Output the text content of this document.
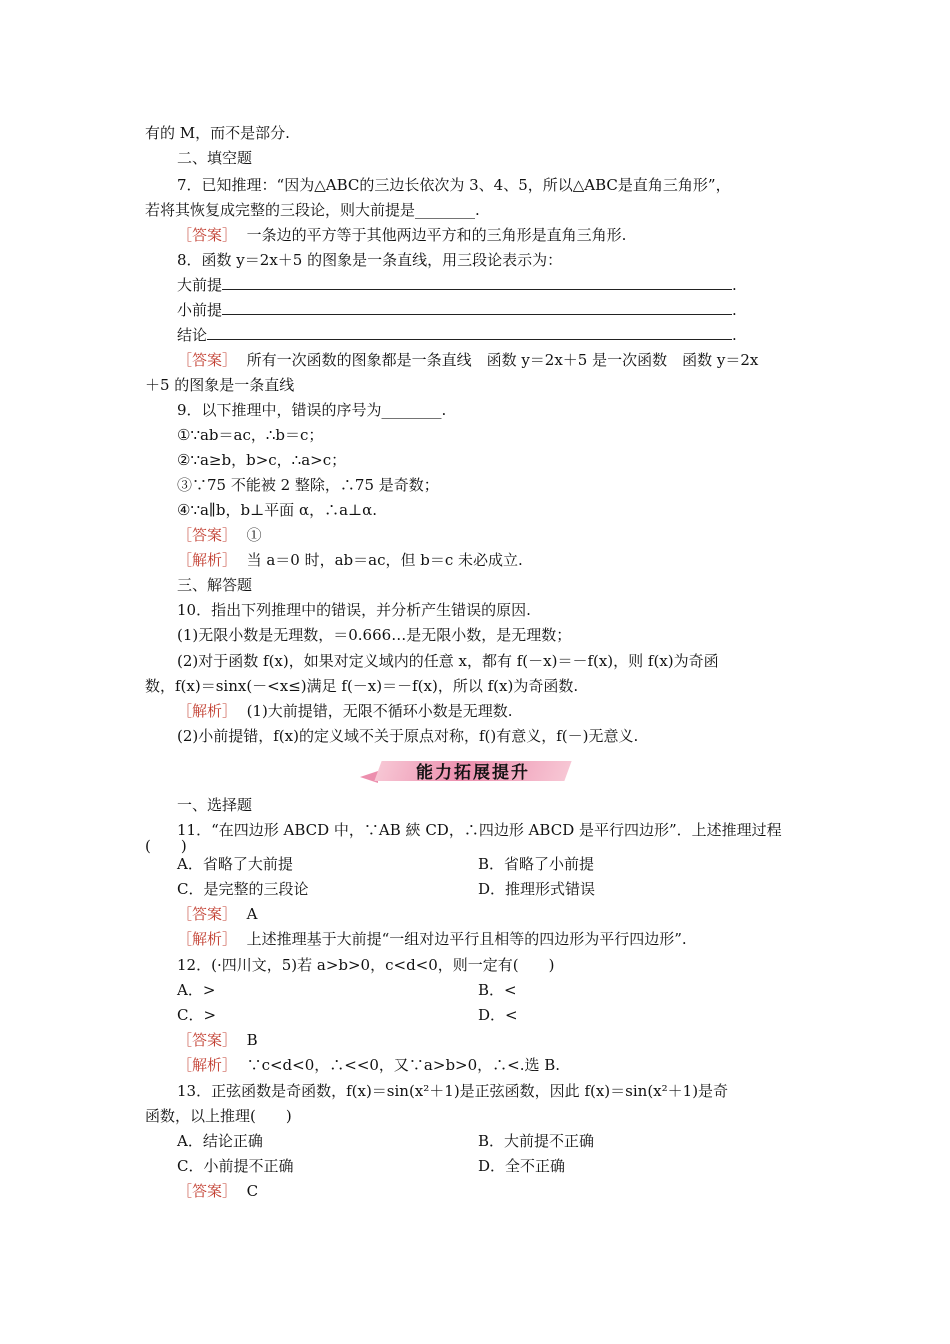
有的 M，而不是部分.
二、填空题
7．已知推理：“因为△ABC的三边长依次为 3、4、5，所以△ABC是直角三角形”，
若将其恢复成完整的三段论，则大前提是________.
［答案］ 一条边的平方等于其他两边平方和的三角形是直角三角形.
8．函数 y＝2x＋5 的图象是一条直线，用三段论表示为：
大前提	.
小前提	.
结论	.
［答案］ 所有一次函数的图象都是一条直线　函数 y＝2x＋5 是一次函数　函数 y＝2x
＋5 的图象是一条直线
9．以下推理中，错误的序号为________.
①∵ab＝ac，∴b＝c；
②∵a≥b，b>c，∴a>c；
③∵75 不能被 2 整除，∴75 是奇数；
④∵a∥b，b⊥平面 α，∴a⊥α.
［答案］ ①
［解析］ 当 a＝0 时，ab＝ac，但 b＝c 未必成立.
三、解答题
10．指出下列推理中的错误，并分析产生错误的原因.
(1)无限小数是无理数，＝0.666…是无限小数，是无理数；
(2)对于函数 f(x)，如果对定义域内的任意 x，都有 f(－x)＝－f(x)，则 f(x)为奇函
数，f(x)＝sinx(－<x≤)满足 f(－x)＝－f(x)，所以 f(x)为奇函数.
［解析］ (1)大前提错，无限不循环小数是无理数.
(2)小前提错，f(x)的定义域不关于原点对称，f()有意义，f(－)无意义.
能力拓展提升
一、选择题
11．“在四边形 ABCD 中，∵AB 綊 CD，∴四边形 ABCD 是平行四边形”．上述推理过程
(　　)
A．省略了大前提	B．省略了小前提
C．是完整的三段论	D．推理形式错误
［答案］ A
［解析］ 上述推理基于大前提“一组对边平行且相等的四边形为平行四边形”.
12．(·四川文，5)若 a>b>0，c<d<0，则一定有(　　)
A．>	B．<
C．>	D．<
［答案］ B
［解析］ ∵c<d<0，∴<<0，又∵a>b>0，∴<.选 B.
13．正弦函数是奇函数，f(x)＝sin(x²＋1)是正弦函数，因此 f(x)＝sin(x²＋1)是奇
函数，以上推理(　　)
A．结论正确	B．大前提不正确
C．小前提不正确	D．全不正确
［答案］ C
